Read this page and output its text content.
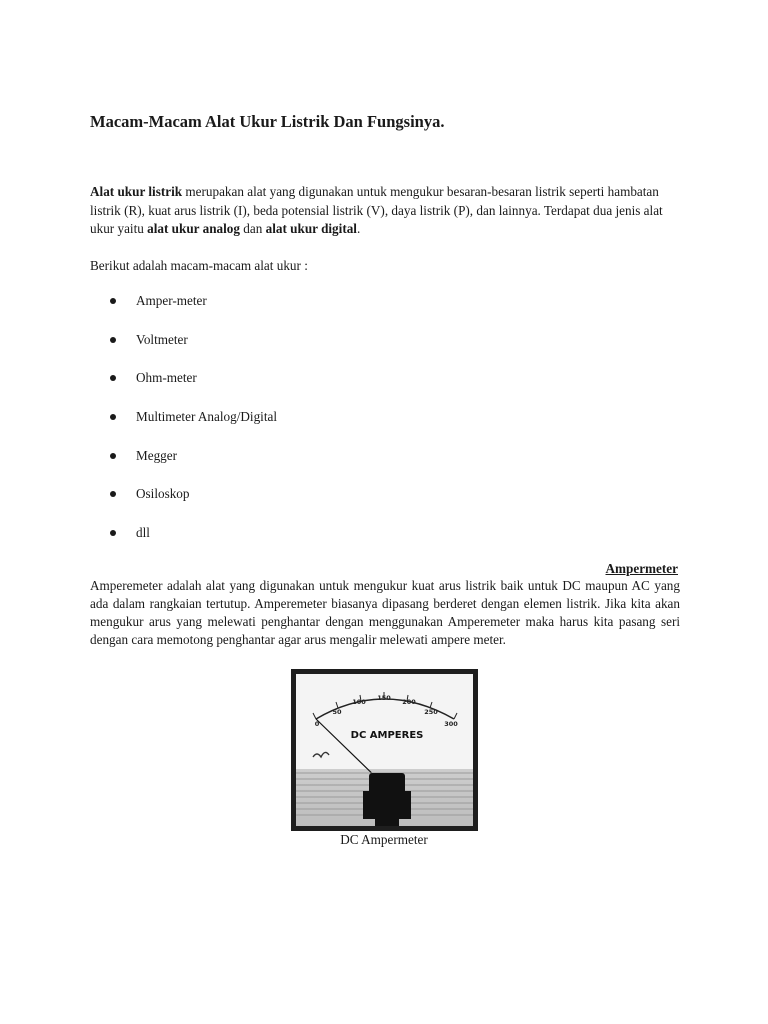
Macam-Macam Alat Ukur Listrik Dan Fungsinya.

Alat ukur listrik merupakan alat yang digunakan untuk mengukur besaran-besaran listrik seperti hambatan listrik (R), kuat arus listrik (I), beda potensial listrik (V), daya listrik (P), dan lainnya. Terdapat dua jenis alat ukur yaitu alat ukur analog dan alat ukur digital.

Berikut adalah macam-macam alat ukur :

Amper-meter
Voltmeter
Ohm-meter
Multimeter Analog/Digital
Megger
Osiloskop
dll

Ampermeter

Amperemeter adalah alat yang digunakan untuk mengukur kuat arus listrik baik untuk DC maupun AC yang ada dalam rangkaian tertutup. Amperemeter biasanya dipasang berderet dengan elemen listrik. Jika kita akan mengukur arus yang melewati penghantar dengan menggunakan Amperemeter maka harus kita pasang seri dengan cara memotong penghantar agar arus mengalir melewati ampere meter.

0
50
100 150 200
250
300
DC AMPERES

DC Ampermeter
